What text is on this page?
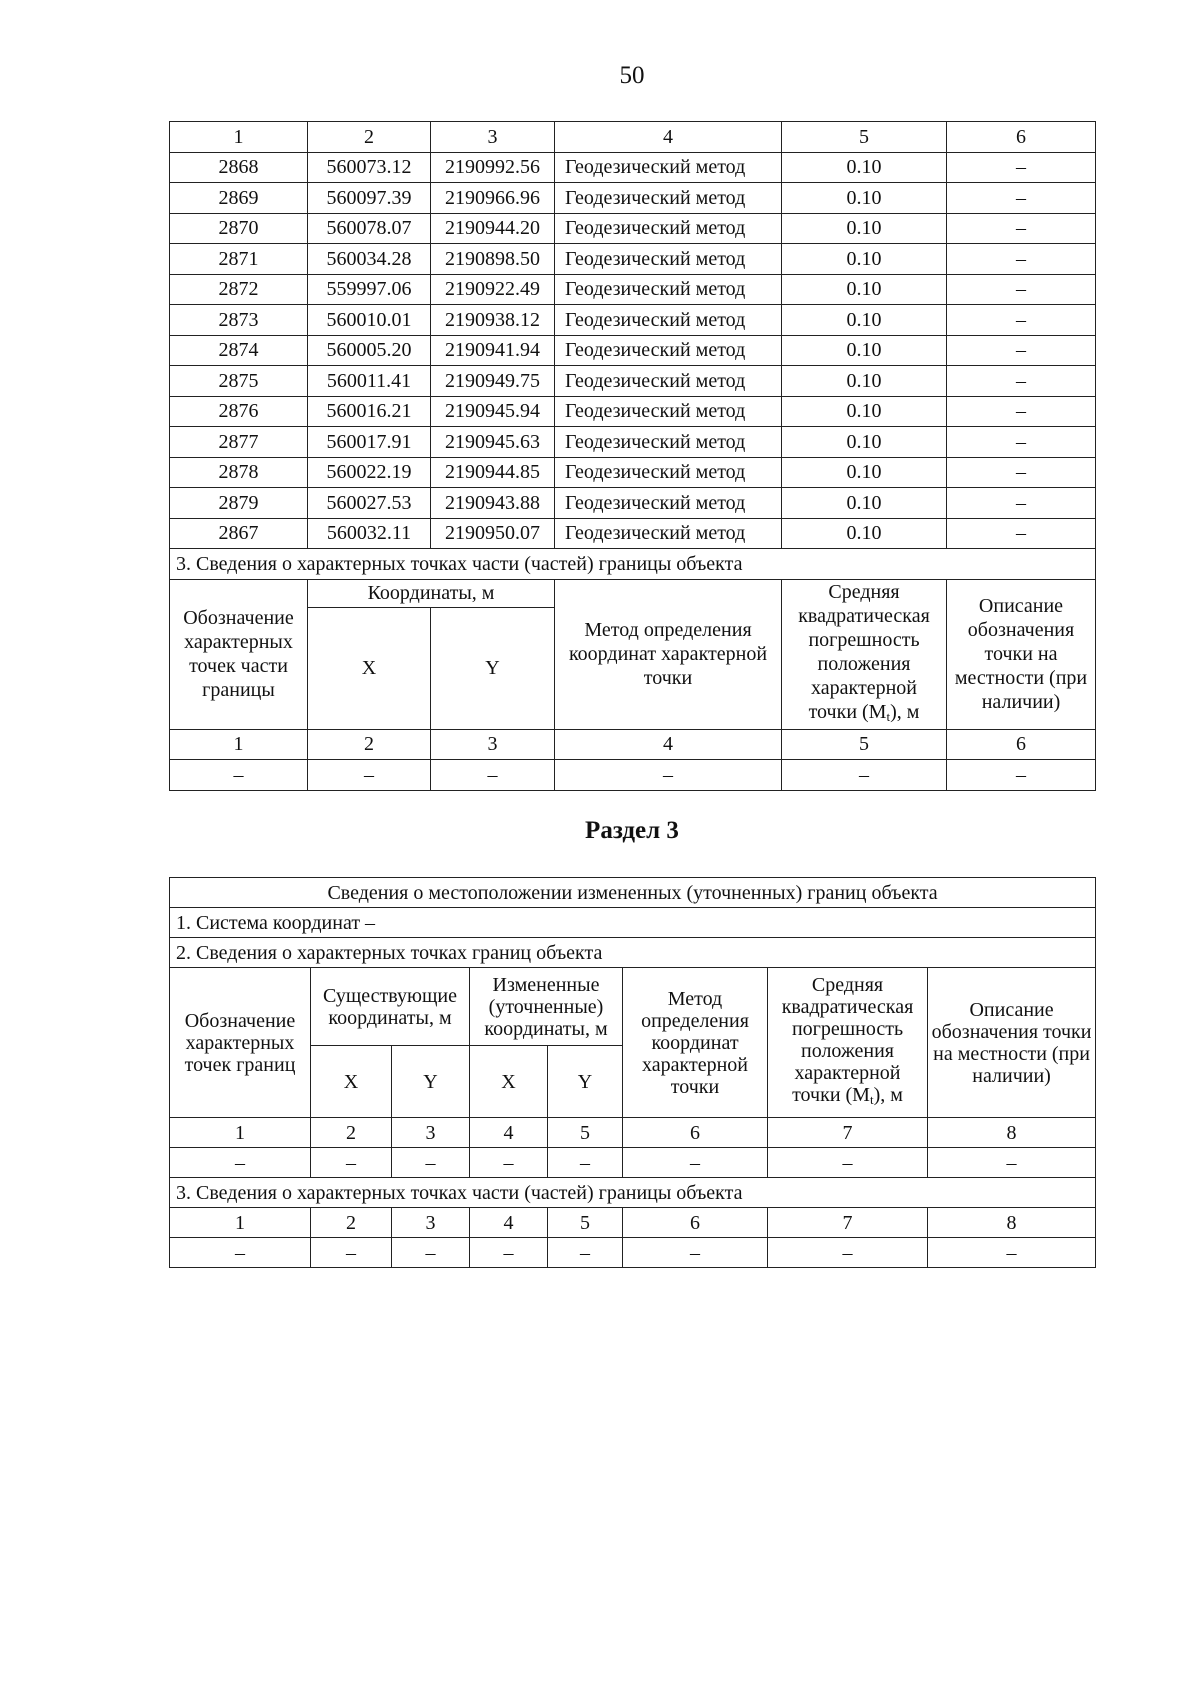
50
1	2	3	4	5	6
2868	560073.12	2190992.56	Геодезический метод	0.10	–
2869	560097.39	2190966.96	Геодезический метод	0.10	–
2870	560078.07	2190944.20	Геодезический метод	0.10	–
2871	560034.28	2190898.50	Геодезический метод	0.10	–
2872	559997.06	2190922.49	Геодезический метод	0.10	–
2873	560010.01	2190938.12	Геодезический метод	0.10	–
2874	560005.20	2190941.94	Геодезический метод	0.10	–
2875	560011.41	2190949.75	Геодезический метод	0.10	–
2876	560016.21	2190945.94	Геодезический метод	0.10	–
2877	560017.91	2190945.63	Геодезический метод	0.10	–
2878	560022.19	2190944.85	Геодезический метод	0.10	–
2879	560027.53	2190943.88	Геодезический метод	0.10	–
2867	560032.11	2190950.07	Геодезический метод	0.10	–
3. Сведения о характерных точках части (частей) границы объекта					
Обозначение характерных точек части границы	Координаты, м		Метод определения координат характерной точки	Средняя квадратическая погрешность положения характерной точки $(M_t)$, м	Описание обозначения точки на местности (при наличии)
	X	Y			
1	2	3	4	5	6
–	–	–	–	–	–
Раздел 3
Сведения о местоположении измененных (уточненных) границ объекта							
1. Система координат –							
2. Сведения о характерных точках границ объекта							
Обозначение характерных точек границ	Существующие координаты, м		Измененные (уточненные) координаты, м		Метод определения координат характерной точки	Средняя квадратическая погрешность положения характерной точки $(M_t)$, м	Описание обозначения точки на местности (при наличии)
	X	Y	X	Y			
1	2	3	4	5	6	7	8
–	–	–	–	–	–	–	–
3. Сведения о характерных точках части (частей) границы объекта							
1	2	3	4	5	6	7	8
–	–	–	–	–	–	–	–
